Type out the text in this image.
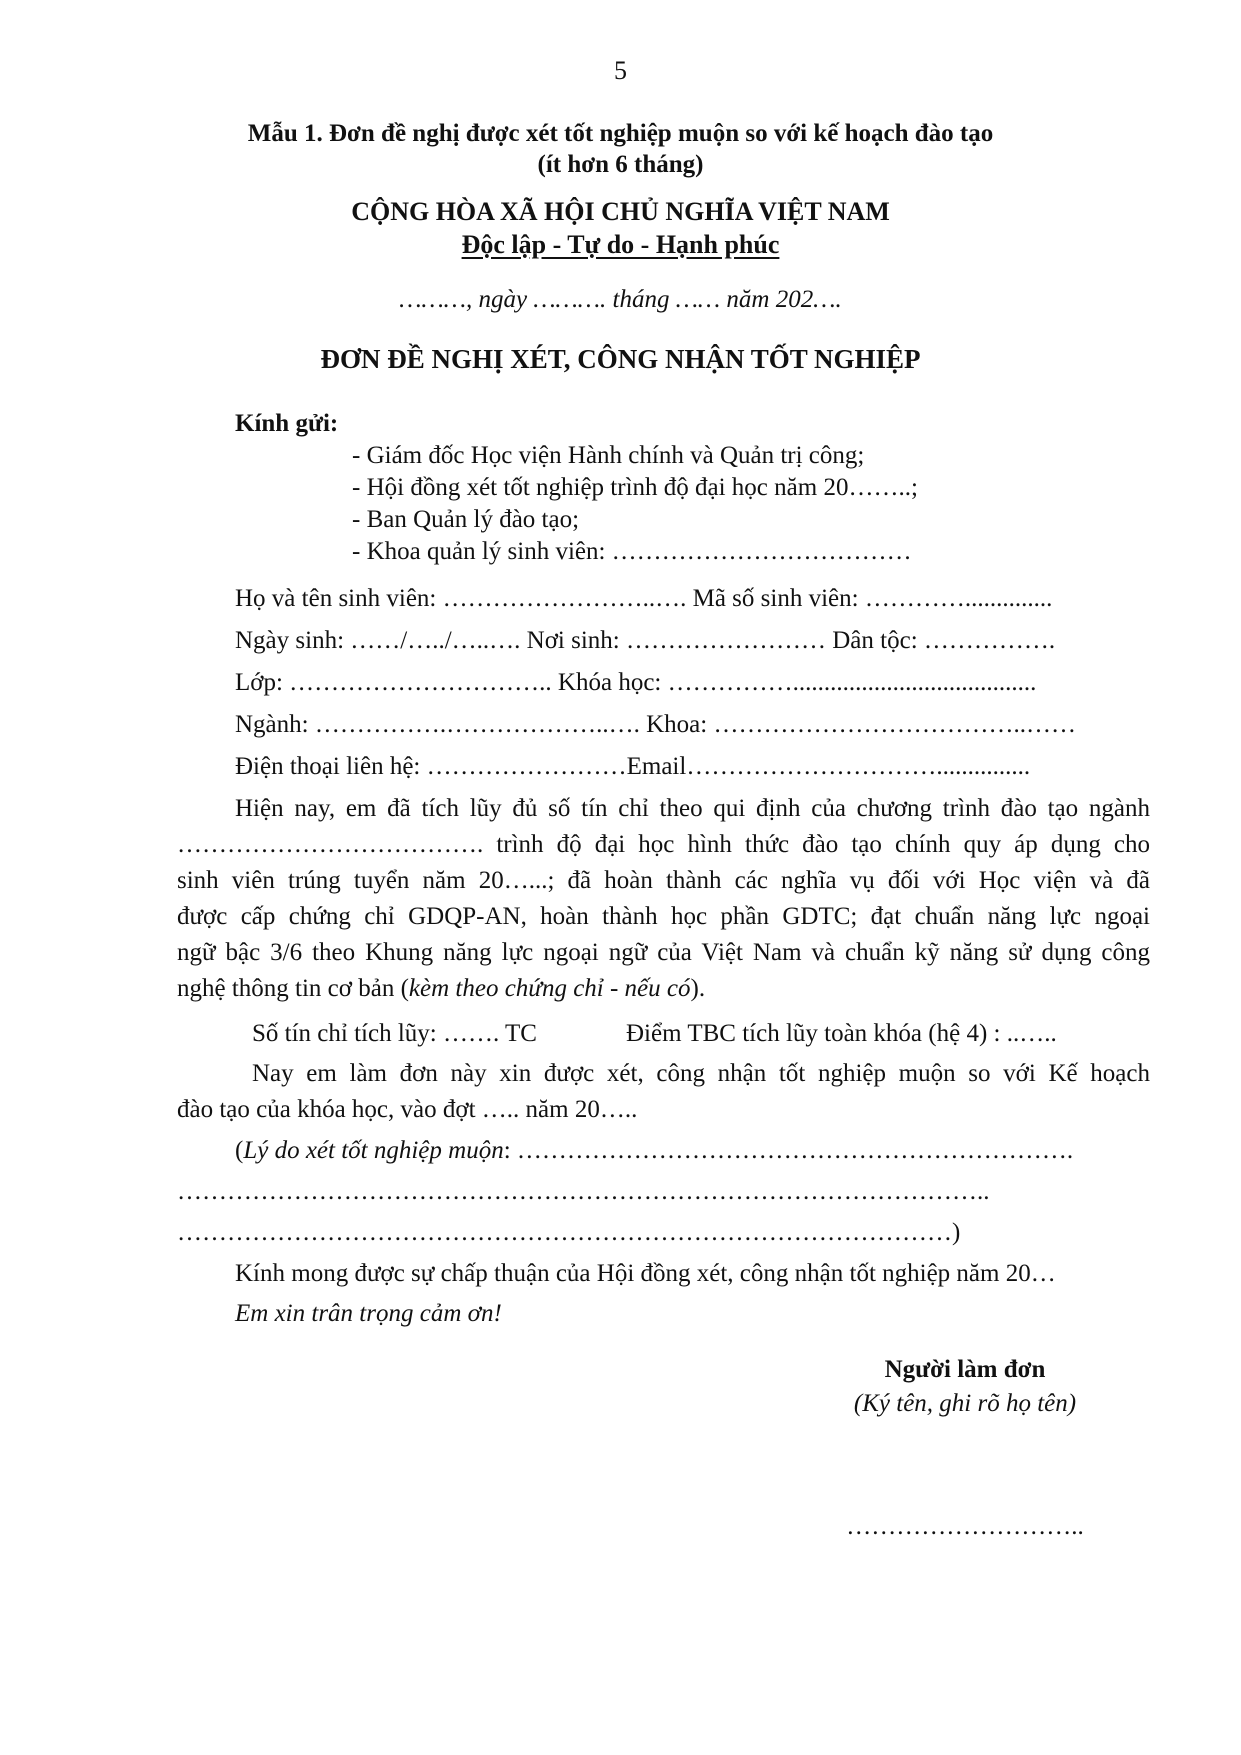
5
Mẫu 1. Đơn đề nghị được xét tốt nghiệp muộn so với kế hoạch đào tạo
(ít hơn 6 tháng)
CỘNG HÒA XÃ HỘI CHỦ NGHĨA VIỆT NAM
Độc lập - Tự do - Hạnh phúc
………, ngày ………. tháng …… năm 202….
ĐƠN ĐỀ NGHỊ XÉT, CÔNG NHẬN TỐT NGHIỆP
Kính gửi:
- Giám đốc Học viện Hành chính và Quản trị công;
- Hội đồng xét tốt nghiệp trình độ đại học năm 20……..;
- Ban Quản lý đào tạo;
- Khoa quản lý sinh viên: ………………………………
Họ và tên sinh viên: ……………………..…. Mã số sinh viên: …………..............
Ngày sinh: ……/…../…..…. Nơi sinh: …………………… Dân tộc: …………….
Lớp: ………………………….. Khóa học: …………….......................................
Ngành: …………….………………..…. Khoa: ………………………………..……
Điện thoại liên hệ: ……………………Email…………………………...............
Hiện nay, em đã tích lũy đủ số tín chỉ theo qui định của chương trình đào tạo ngành
………………………………. trình độ đại học hình thức đào tạo chính quy áp dụng cho
sinh viên trúng tuyển năm 20…...; đã hoàn thành các nghĩa vụ đối với Học viện và đã
được cấp chứng chỉ GDQP-AN, hoàn thành học phần GDTC; đạt chuẩn năng lực ngoại
ngữ bậc 3/6 theo Khung năng lực ngoại ngữ của Việt Nam và chuẩn kỹ năng sử dụng công
nghệ thông tin cơ bản (kèm theo chứng chỉ - nếu có).
Số tín chỉ tích lũy: ……. TC	Điểm TBC tích lũy toàn khóa (hệ 4) : ..…..
Nay em làm đơn này xin được xét, công nhận tốt nghiệp muộn so với Kế hoạch
đào tạo của khóa học, vào đợt ….. năm 20…..
(Lý do xét tốt nghiệp muộn: ………………………………………………………….
……………………………………………………………………………………..
…………………………………………………………………………………)
Kính mong được sự chấp thuận của Hội đồng xét, công nhận tốt nghiệp năm 20…
Em xin trân trọng cảm ơn!
Người làm đơn
(Ký tên, ghi rõ họ tên)
………………………..
